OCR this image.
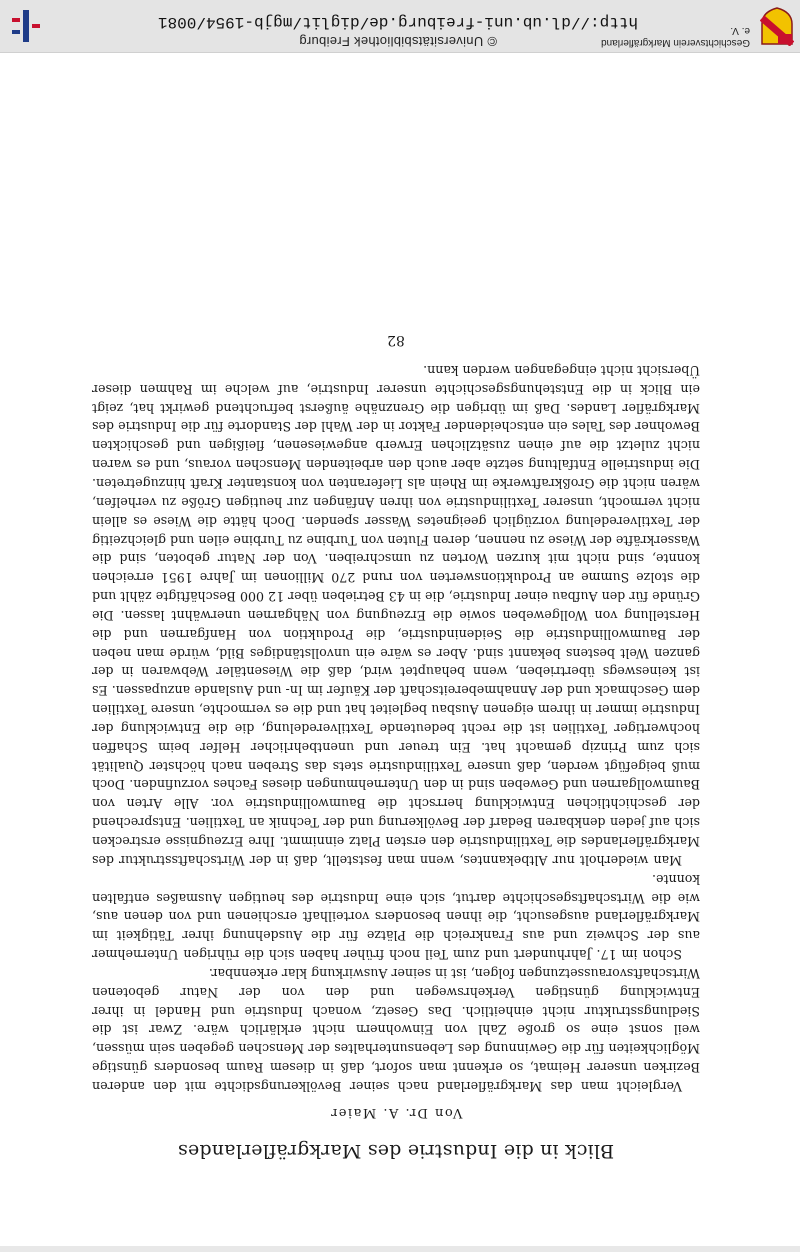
Blick in die Industrie des Markgräflerlandes
Von Dr. A. Maier

Vergleicht man das Markgräflerland nach seiner Bevölkerungsdichte mit den anderen Bezirken unserer Heimat, so erkennt man sofort, daß in diesem Raum besonders günstige Möglichkeiten für die Gewinnung des Lebensunterhaltes der Menschen gegeben sein müssen, weil sonst eine so große Zahl von Einwohnern nicht erklärlich wäre. Zwar ist die Siedlungsstruktur nicht einheitlich. Das Gesetz, wonach Industrie und Handel in ihrer Entwicklung günstigen Verkehrswegen und den von der Natur gebotenen Wirtschaftsvoraussetzungen folgen, ist in seiner Auswirkung klar erkennbar.

Schon im 17. Jahrhundert und zum Teil noch früher haben sich die rührigen Unternehmer aus der Schweiz und aus Frankreich die Plätze für die Ausdehnung ihrer Tätigkeit im Markgräflerland ausgesucht, die ihnen besonders vorteilhaft erschienen und von denen aus, wie die Wirtschaftsgeschichte dartut, sich eine Industrie des heutigen Ausmaßes entfalten konnte.

Man wiederholt nur Altbekanntes, wenn man feststellt, daß in der Wirtschaftsstruktur des Markgräflerlandes die Textilindustrie den ersten Platz einnimmt. Ihre Erzeugnisse erstrecken sich auf jeden denkbaren Bedarf der Bevölkerung und der Technik an Textilien. Entsprechend der geschichtlichen Entwicklung herrscht die Baumwollindustrie vor. Alle Arten von Baumwollgarnen und Geweben sind in den Unternehmungen dieses Faches vorzufinden. Doch muß beigefügt werden, daß unsere Textilindustrie stets das Streben nach höchster Qualität sich zum Prinzip gemacht hat. Ein treuer und unentbehrlicher Helfer beim Schaffen hochwertiger Textilien ist die recht bedeutende Textilveredelung, die die Entwicklung der Industrie immer in ihrem eigenen Ausbau begleitet hat und die es vermochte, unsere Textilien dem Geschmack und der Annahmebereitschaft der Käufer im In- und Auslande anzupassen. Es ist keineswegs übertrieben, wenn behauptet wird, daß die Wiesentäler Webwaren in der ganzen Welt bestens bekannt sind. Aber es wäre ein unvollständiges Bild, würde man neben der Baumwollindustrie die Seidenindustrie, die Produktion von Hanfgarnen und die Herstellung von Wollgeweben sowie die Erzeugung von Nähgarnen unerwähnt lassen. Die Gründe für den Aufbau einer Industrie, die in 43 Betrieben über 12 000 Beschäftigte zählt und die stolze Summe an Produktionswerten von rund 270 Millionen im Jahre 1951 erreichen konnte, sind nicht mit kurzen Worten zu umschreiben. Von der Natur geboten, sind die Wasserkräfte der Wiese zu nennen, deren Fluten von Turbine zu Turbine eilen und gleichzeitig der Textilveredelung vorzüglich geeignetes Wasser spenden. Doch hätte die Wiese es allein nicht vermocht, unserer Textilindustrie von ihren Anfängen zur heutigen Größe zu verhelfen, wären nicht die Großkraftwerke im Rhein als Lieferanten von konstanter Kraft hinzugetreten. Die industrielle Entfaltung setzte aber auch den arbeitenden Menschen voraus, und es waren nicht zuletzt die auf einen zusätzlichen Erwerb angewiesenen, fleißigen und geschickten Bewohner des Tales ein entscheidender Faktor in der Wahl der Standorte für die Industrie des Markgräfler Landes. Daß im übrigen die Grenznähe äußerst befruchtend gewirkt hat, zeigt ein Blick in die Entstehungsgeschichte unserer Industrie, auf welche im Rahmen dieser Übersicht nicht eingegangen werden kann.

82
© Universitätsbibliothek Freiburg
http://dl.ub.uni-freiburg.de/diglit/mgjb-1954/0081
Geschichtsverein Markgräflerland e. V.
